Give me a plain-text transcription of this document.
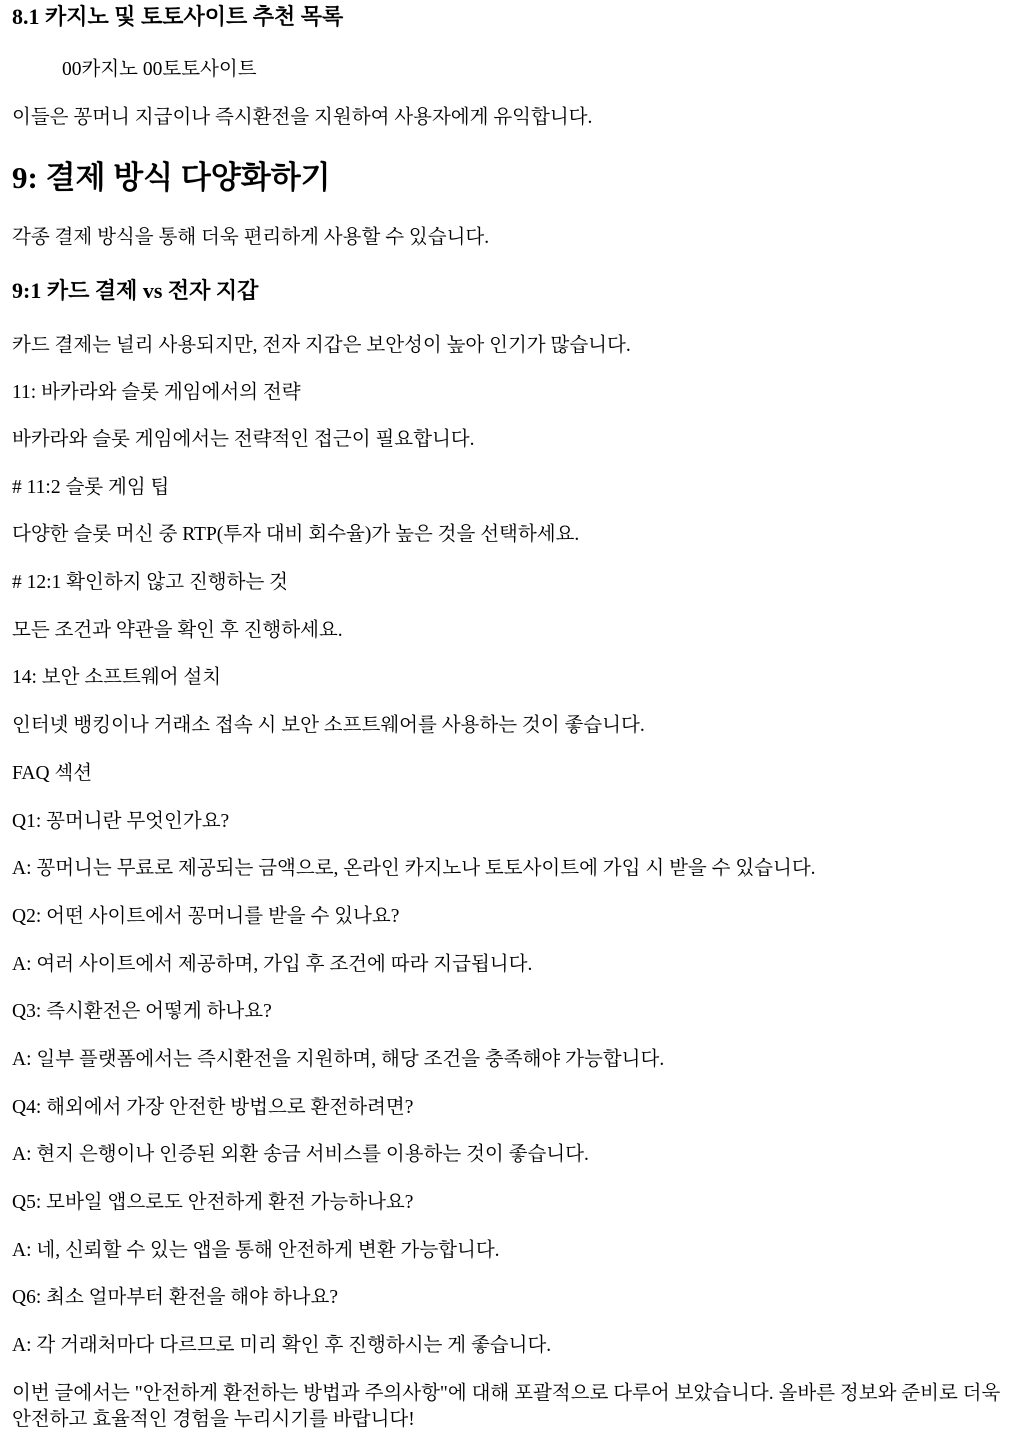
8.1 카지노 및 토토사이트 추천 목록

00카지노 00토토사이트

이들은 꽁머니 지급이나 즉시환전을 지원하여 사용자에게 유익합니다.

9: 결제 방식 다양화하기

각종 결제 방식을 통해 더욱 편리하게 사용할 수 있습니다.

9:1 카드 결제 vs 전자 지갑

카드 결제는 널리 사용되지만, 전자 지갑은 보안성이 높아 인기가 많습니다.

11: 바카라와 슬롯 게임에서의 전략

바카라와 슬롯 게임에서는 전략적인 접근이 필요합니다.

# 11:2 슬롯 게임 팁

다양한 슬롯 머신 중 RTP(투자 대비 회수율)가 높은 것을 선택하세요.

# 12:1 확인하지 않고 진행하는 것

모든 조건과 약관을 확인 후 진행하세요.

14: 보안 소프트웨어 설치

인터넷 뱅킹이나 거래소 접속 시 보안 소프트웨어를 사용하는 것이 좋습니다.

FAQ 섹션

Q1: 꽁머니란 무엇인가요?

A: 꽁머니는 무료로 제공되는 금액으로, 온라인 카지노나 토토사이트에 가입 시 받을 수 있습니다.

Q2: 어떤 사이트에서 꽁머니를 받을 수 있나요?

A: 여러 사이트에서 제공하며, 가입 후 조건에 따라 지급됩니다.

Q3: 즉시환전은 어떻게 하나요?

A: 일부 플랫폼에서는 즉시환전을 지원하며, 해당 조건을 충족해야 가능합니다.

Q4: 해외에서 가장 안전한 방법으로 환전하려면?

A: 현지 은행이나 인증된 외환 송금 서비스를 이용하는 것이 좋습니다.

Q5: 모바일 앱으로도 안전하게 환전 가능하나요?

A: 네, 신뢰할 수 있는 앱을 통해 안전하게 변환 가능합니다.

Q6: 최소 얼마부터 환전을 해야 하나요?

A: 각 거래처마다 다르므로 미리 확인 후 진행하시는 게 좋습니다.

이번 글에서는 "안전하게 환전하는 방법과 주의사항"에 대해 포괄적으로 다루어 보았습니다. 올바른 정보와 준비로 더욱 안전하고 효율적인 경험을 누리시기를 바랍니다!
